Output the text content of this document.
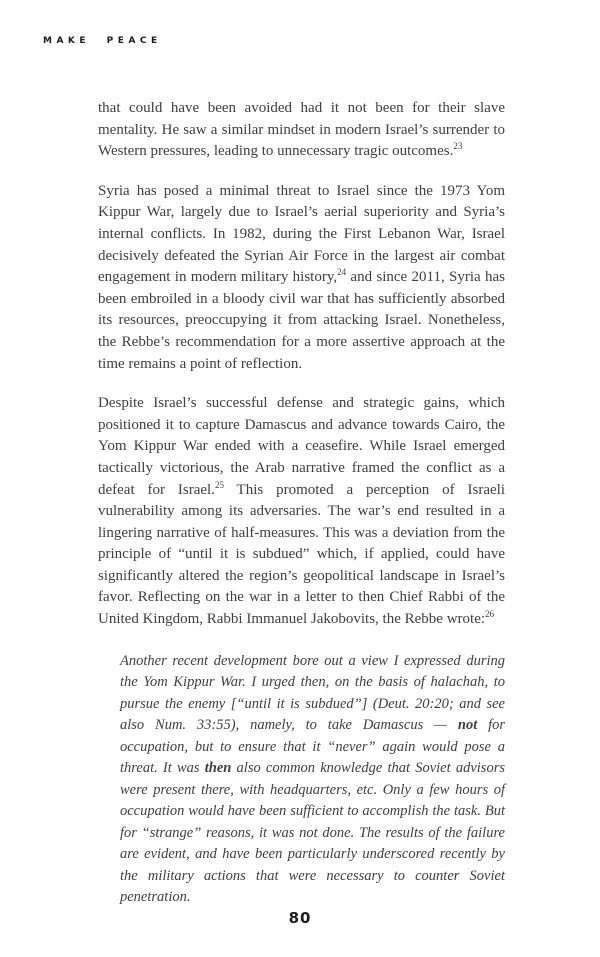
MAKE PEACE

that could have been avoided had it not been for their slave mentality. He saw a similar mindset in modern Israel’s surrender to Western pressures, leading to unnecessary tragic outcomes.$^{23}$

Syria has posed a minimal threat to Israel since the 1973 Yom Kippur War, largely due to Israel’s aerial superiority and Syria’s internal conflicts. In 1982, during the First Lebanon War, Israel decisively defeated the Syrian Air Force in the largest air combat engagement in modern military history,$^{24}$ and since 2011, Syria has been embroiled in a bloody civil war that has sufficiently absorbed its resources, preoccupying it from attacking Israel. Nonetheless, the Rebbe’s recommendation for a more assertive approach at the time remains a point of reflection.

Despite Israel’s successful defense and strategic gains, which positioned it to capture Damascus and advance towards Cairo, the Yom Kippur War ended with a ceasefire. While Israel emerged tactically victorious, the Arab narrative framed the conflict as a defeat for Israel.$^{25}$ This promoted a perception of Israeli vulnerability among its adversaries. The war’s end resulted in a lingering narrative of half-measures. This was a deviation from the principle of “until it is subdued” which, if applied, could have significantly altered the region’s geopolitical landscape in Israel’s favor. Reflecting on the war in a letter to then Chief Rabbi of the United Kingdom, Rabbi Immanuel Jakobovits, the Rebbe wrote:$^{26}$

Another recent development bore out a view I expressed during the Yom Kippur War. I urged then, on the basis of halachah, to pursue the enemy [“until it is subdued”] (Deut. 20:20; and see also Num. 33:55), namely, to take Damascus — not for occupation, but to ensure that it “never” again would pose a threat. It was then also common knowledge that Soviet advisors were present there, with headquarters, etc. Only a few hours of occupation would have been sufficient to accomplish the task. But for “strange” reasons, it was not done. The results of the failure are evident, and have been particularly underscored recently by the military actions that were necessary to counter Soviet penetration.
80
